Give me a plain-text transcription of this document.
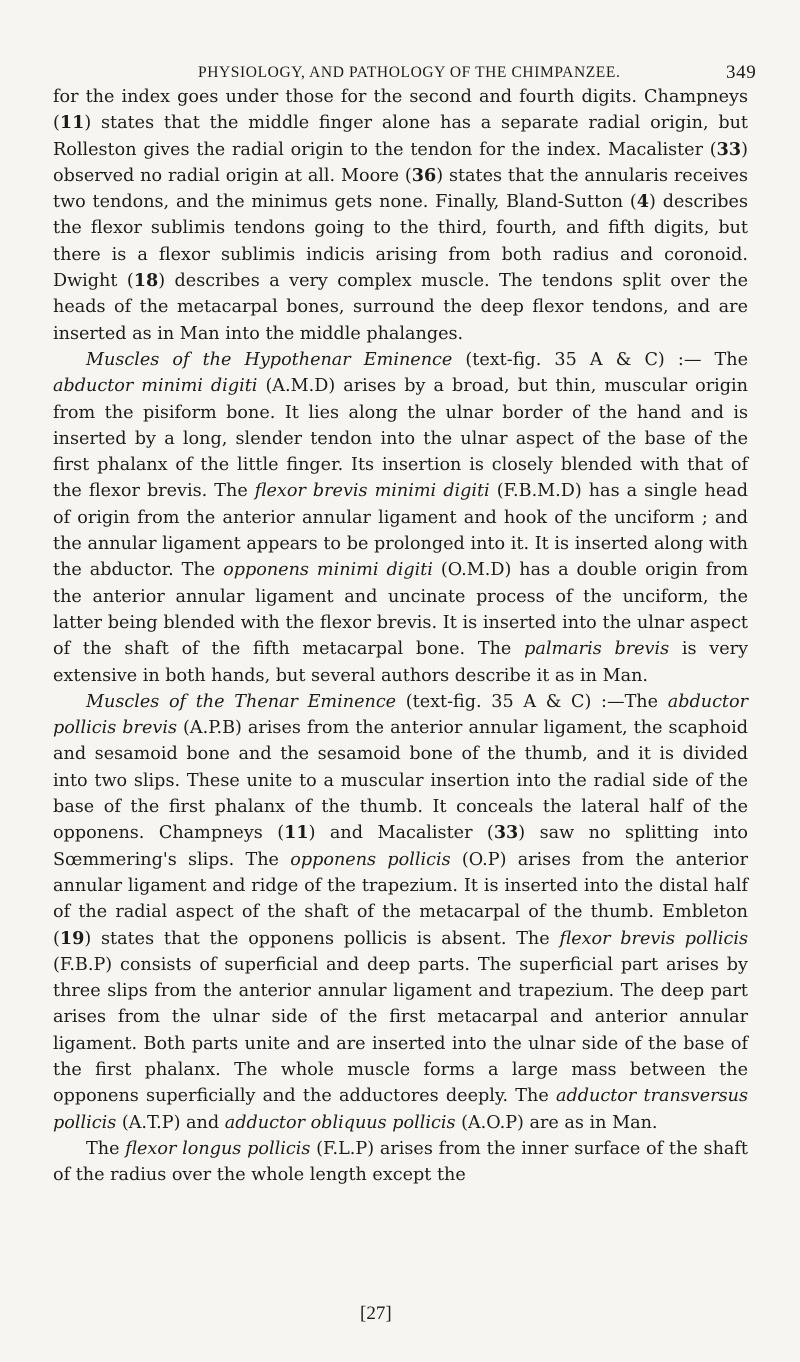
PHYSIOLOGY, AND PATHOLOGY OF THE CHIMPANZEE.	349

for the index goes under those for the second and fourth digits. Champneys (11) states that the middle finger alone has a separate radial origin, but Rolleston gives the radial origin to the tendon for the index. Macalister (33) observed no radial origin at all. Moore (36) states that the annularis receives two tendons, and the minimus gets none. Finally, Bland-Sutton (4) describes the flexor sublimis tendons going to the third, fourth, and fifth digits, but there is a flexor sublimis indicis arising from both radius and coronoid. Dwight (18) describes a very complex muscle. The tendons split over the heads of the metacarpal bones, surround the deep flexor tendons, and are inserted as in Man into the middle phalanges.

Muscles of the Hypothenar Eminence (text-fig. 35 A & C) :— The abductor minimi digiti (A.M.D) arises by a broad, but thin, muscular origin from the pisiform bone. It lies along the ulnar border of the hand and is inserted by a long, slender tendon into the ulnar aspect of the base of the first phalanx of the little finger. Its insertion is closely blended with that of the flexor brevis. The flexor brevis minimi digiti (F.B.M.D) has a single head of origin from the anterior annular ligament and hook of the unciform ; and the annular ligament appears to be prolonged into it. It is inserted along with the abductor. The opponens minimi digiti (O.M.D) has a double origin from the anterior annular ligament and uncinate process of the unciform, the latter being blended with the flexor brevis. It is inserted into the ulnar aspect of the shaft of the fifth metacarpal bone. The palmaris brevis is very extensive in both hands, but several authors describe it as in Man.

Muscles of the Thenar Eminence (text-fig. 35 A & C) :—The abductor pollicis brevis (A.P.B) arises from the anterior annular ligament, the scaphoid and sesamoid bone and the sesamoid bone of the thumb, and it is divided into two slips. These unite to a muscular insertion into the radial side of the base of the first phalanx of the thumb. It conceals the lateral half of the opponens. Champneys (11) and Macalister (33) saw no splitting into Sœmmering's slips. The opponens pollicis (O.P) arises from the anterior annular ligament and ridge of the trapezium. It is inserted into the distal half of the radial aspect of the shaft of the metacarpal of the thumb. Embleton (19) states that the opponens pollicis is absent. The flexor brevis pollicis (F.B.P) consists of superficial and deep parts. The superficial part arises by three slips from the anterior annular ligament and trapezium. The deep part arises from the ulnar side of the first metacarpal and anterior annular ligament. Both parts unite and are inserted into the ulnar side of the base of the first phalanx. The whole muscle forms a large mass between the opponens superficially and the adductores deeply. The adductor transversus pollicis (A.T.P) and adductor obliquus pollicis (A.O.P) are as in Man.

The flexor longus pollicis (F.L.P) arises from the inner surface of the shaft of the radius over the whole length except the

[27]
